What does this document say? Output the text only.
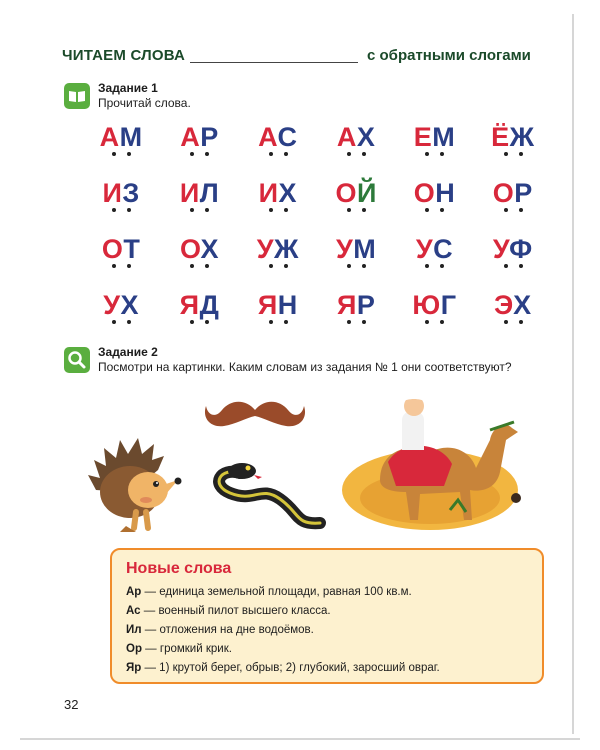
ЧИТАЕМ СЛОВА	с обратными слогами
Задание 1
Прочитай слова.
АМ	АР	АС	АХ	ЕМ	ЁЖ
ИЗ	ИЛ	ИХ	ОЙ	ОН	ОР
ОТ	ОХ	УЖ	УМ	УС	УФ
УХ	ЯД	ЯН	ЯР	ЮГ	ЭХ
Задание 2
Посмотри на картинки. Каким словам из задания № 1 они соответствуют?
Новые слова
Ар — единица земельной площади, равная 100 кв.м.
Ас — военный пилот высшего класса.
Ил — отложения на дне водоёмов.
Ор — громкий крик.
Яр — 1) крутой берег, обрыв; 2) глубокий, заросший овраг.
32
